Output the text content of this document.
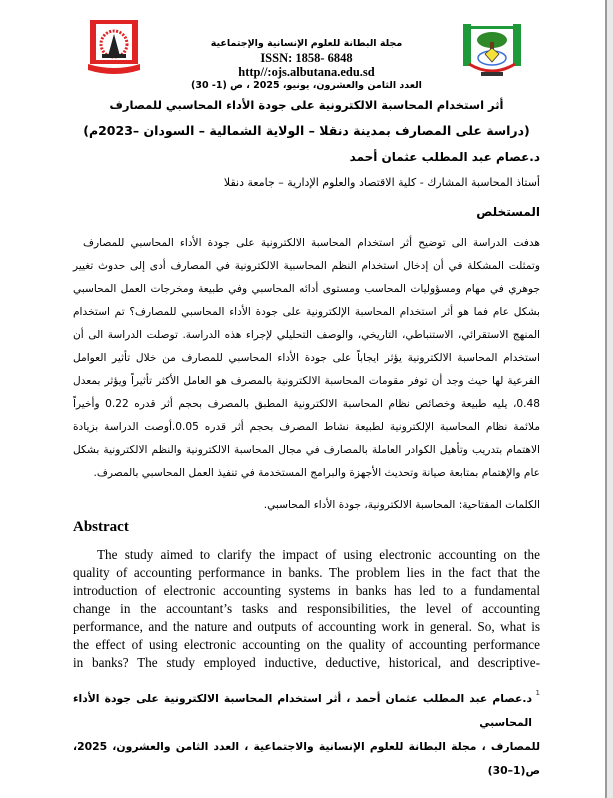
مجلة البطانة للعلوم الإنسانية والإجتماعية
ISSN: 1858- 6848
http//:ojs.albutana.edu.sd
العدد الثامن والعشرون، يونيو، 2025 ، ص (1- 30)
أثر استخدام المحاسبة الالكترونية على جودة الأداء المحاسبي للمصارف
(دراسة على المصارف بمدينة دنقلا – الولاية الشمالية – السودان –2023م)
د.عصام عبد المطلب عثمان أحمد
أستاذ المحاسبة المشارك - كلية الاقتصاد والعلوم الإدارية – جامعة دنقلا
المستخلص
هدفت الدراسة الى توضيح أثر استخدام المحاسبة الالكترونية على جودة الأداء المحاسبي للمصارف
وتمثلت المشكلة في أن إدخال استخدام النظم المحاسبية الالكترونية في المصارف أدى إلى حدوث تغيير
جوهري في مهام ومسؤوليات المحاسب ومستوى أدائه المحاسبي وفي طبيعة ومخرجات العمل المحاسبي
بشكل عام فما هو أثر استخدام المحاسبة الإلكترونية على جودة الأداء المحاسبي للمصارف؟ تم استخدام
المنهج الاستقرائي، الاستنباطي، التاريخي، والوصف التحليلي لإجراء هذه الدراسة. توصلت الدراسة الى أن
استخدام المحاسبة الالكترونية يؤثر ايجاباً على جودة الأداء المحاسبي للمصارف من خلال تأثير العوامل
الفرعية لها حيث وجد أن توفر مقومات المحاسبة الالكترونية بالمصرف هو العامل الأكثر تأثيراً ويؤثر بمعدل
0.48، يليه طبيعة وخصائص نظام المحاسبة الالكترونية المطبق بالمصرف بحجم أثر قدره 0.22 وأخيراً
ملائمة نظام المحاسبة الإلكترونية لطبيعة نشاط المصرف بحجم أثر قدره 0.05.أوصت الدراسة بزيادة
الاهتمام بتدريب وتأهيل الكوادر العاملة بالمصارف في مجال المحاسبة الالكترونية والنظم الالكترونية بشكل
عام والإهتمام بمتابعة صيانة وتحديث الأجهزة والبرامج المستخدمة في تنفيذ العمل المحاسبي بالمصرف.
الكلمات المفتاحية: المحاسبة الالكترونية، جودة الأداء المحاسبي.
Abstract
The study aimed to clarify the impact of using electronic accounting on the
quality of accounting performance in banks. The problem lies in the fact that the
introduction of electronic accounting systems in banks has led to a fundamental
change in the accountant’s tasks and responsibilities, the level of accounting
performance, and the nature and outputs of accounting work in general. So, what is
the effect of using electronic accounting on the quality of accounting performance
in banks? The study employed inductive, deductive, historical, and descriptive-
1
د.عصام عبد المطلب عثمان أحمد ، أثر استخدام المحاسبة الالكترونية على جودة الأداء المحاسبي
للمصارف ، مجلة البطانة للعلوم الإنسانية والاجتماعية ، العدد الثامن والعشرون، 2025، ص(1–30)
